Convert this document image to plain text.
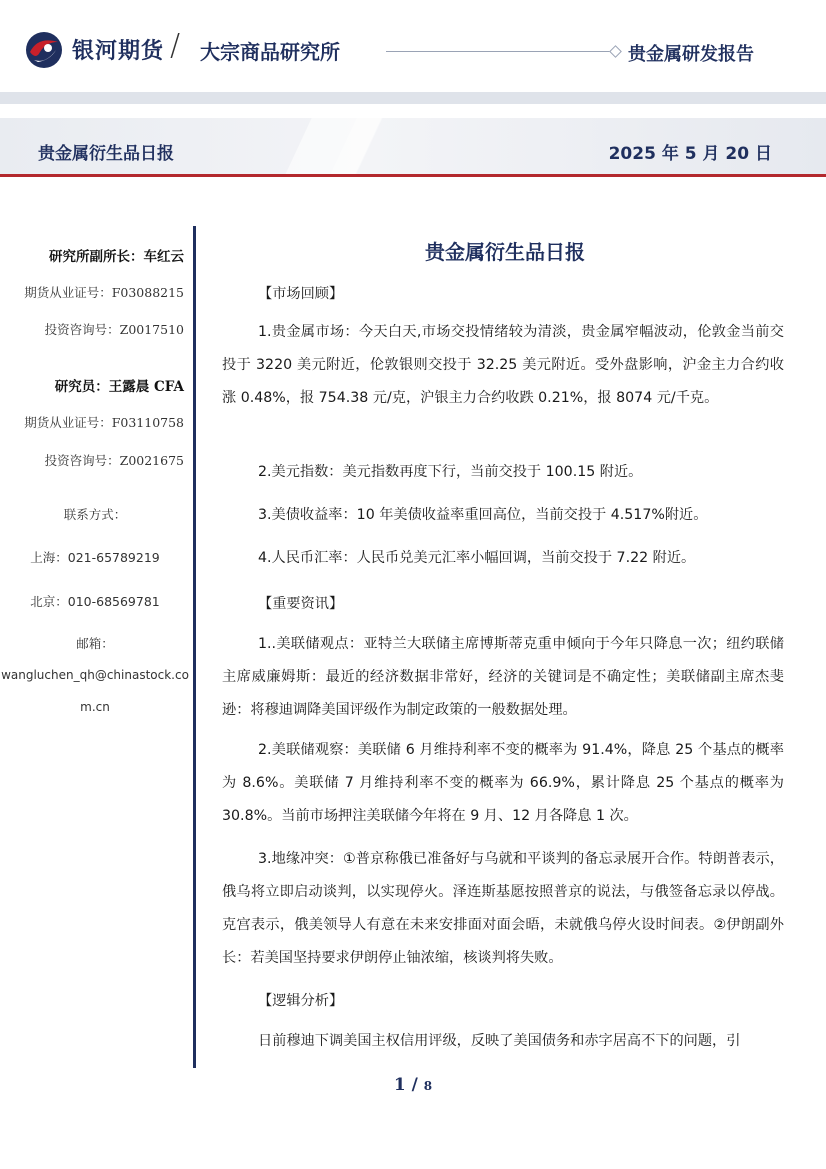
银河期货 / 大宗商品研究所	贵金属研发报告
贵金属衍生品日报	2025 年 5 月 20 日
研究所副所长：车红云
期货从业证号：F03088215
投资咨询号：Z0017510
研究员：王露晨 CFA
期货从业证号：F03110758
投资咨询号：Z0021675
联系方式：
上海：021-65789219
北京：010-68569781
邮箱：
wangluchen_qh@chinastock.co
m.cn
贵金属衍生品日报
【市场回顾】
1.贵金属市场：今天白天,市场交投情绪较为清淡，贵金属窄幅波动，伦敦金当前交投于 3220 美元附近，伦敦银则交投于 32.25 美元附近。受外盘影响，沪金主力合约收涨 0.48%，报 754.38 元/克，沪银主力合约收跌 0.21%，报 8074 元/千克。
2.美元指数：美元指数再度下行，当前交投于 100.15 附近。
3.美债收益率：10 年美债收益率重回高位，当前交投于 4.517%附近。
4.人民币汇率：人民币兑美元汇率小幅回调，当前交投于 7.22 附近。
【重要资讯】
1..美联储观点：亚特兰大联储主席博斯蒂克重申倾向于今年只降息一次；纽约联储主席威廉姆斯：最近的经济数据非常好，经济的关键词是不确定性；美联储副主席杰斐逊：将穆迪调降美国评级作为制定政策的一般数据处理。
2.美联储观察：美联储 6 月维持利率不变的概率为 91.4%，降息 25 个基点的概率为 8.6%。美联储 7 月维持利率不变的概率为 66.9%，累计降息 25 个基点的概率为 30.8%。当前市场押注美联储今年将在 9 月、12 月各降息 1 次。
3.地缘冲突：①普京称俄已准备好与乌就和平谈判的备忘录展开合作。特朗普表示，俄乌将立即启动谈判，以实现停火。泽连斯基愿按照普京的说法，与俄签备忘录以停战。克宫表示，俄美领导人有意在未来安排面对面会晤，未就俄乌停火设时间表。②伊朗副外长：若美国坚持要求伊朗停止铀浓缩，核谈判将失败。
【逻辑分析】
日前穆迪下调美国主权信用评级，反映了美国债务和赤字居高不下的问题，引
1 / 8
